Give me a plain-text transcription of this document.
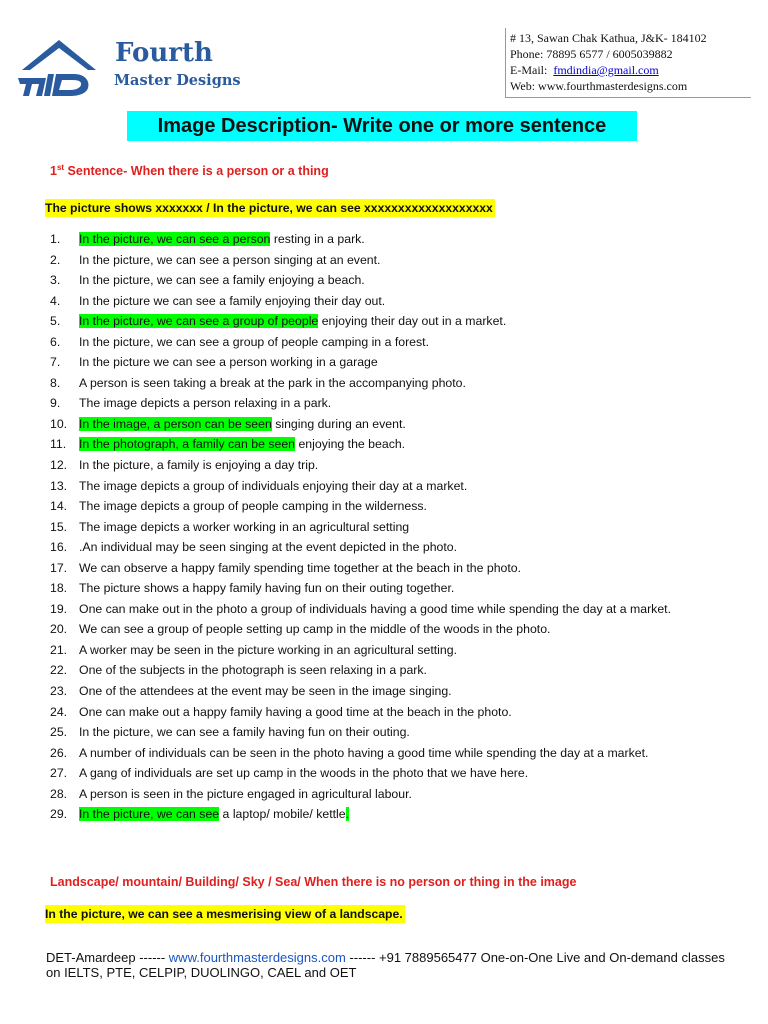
Fourth
Master Designs
# 13, Sawan Chak Kathua, J&K- 184102
Phone: 78895 6577 / 6005039882
E-Mail: fmdindia@gmail.com
Web: www.fourthmasterdesigns.com
Image Description- Write one or more sentence
1st Sentence- When there is a person or a thing
The picture shows xxxxxxx / In the picture, we can see xxxxxxxxxxxxxxxxxxx
1.	In the picture, we can see a person resting in a park.
2.	In the picture, we can see a person singing at an event.
3.	In the picture, we can see a family enjoying a beach.
4.	In the picture we can see a family enjoying their day out.
5.	In the picture, we can see a group of people enjoying their day out in a market.
6.	In the picture, we can see a group of people camping in a forest.
7.	In the picture we can see a person working in a garage
8.	A person is seen taking a break at the park in the accompanying photo.
9.	The image depicts a person relaxing in a park.
10. In the image, a person can be seen singing during an event.
11.	In the photograph, a family can be seen enjoying the beach.
12. In the picture, a family is enjoying a day trip.
13. The image depicts a group of individuals enjoying their day at a market.
14. The image depicts a group of people camping in the wilderness.
15. The image depicts a worker working in an agricultural setting
16. .An individual may be seen singing at the event depicted in the photo.
17. We can observe a happy family spending time together at the beach in the photo.
18. The picture shows a happy family having fun on their outing together.
19. One can make out in the photo a group of individuals having a good time while spending the day at a market.
20. We can see a group of people setting up camp in the middle of the woods in the photo.
21. A worker may be seen in the picture working in an agricultural setting.
22. One of the subjects in the photograph is seen relaxing in a park.
23. One of the attendees at the event may be seen in the image singing.
24. One can make out a happy family having a good time at the beach in the photo.
25. In the picture, we can see a family having fun on their outing.
26. A number of individuals can be seen in the photo having a good time while spending the day at a market.
27. A gang of individuals are set up camp in the woods in the photo that we have here.
28. A person is seen in the picture engaged in agricultural labour.
29. In the picture, we can see a laptop/ mobile/ kettle.
Landscape/ mountain/ Building/ Sky / Sea/ When there is no person or thing in the image
In the picture, we can see a mesmerising view of a landscape.
DET-Amardeep ------ www.fourthmasterdesigns.com ------ +91 7889565477 One-on-One Live and On-demand classes on IELTS, PTE, CELPIP, DUOLINGO, CAEL and OET
